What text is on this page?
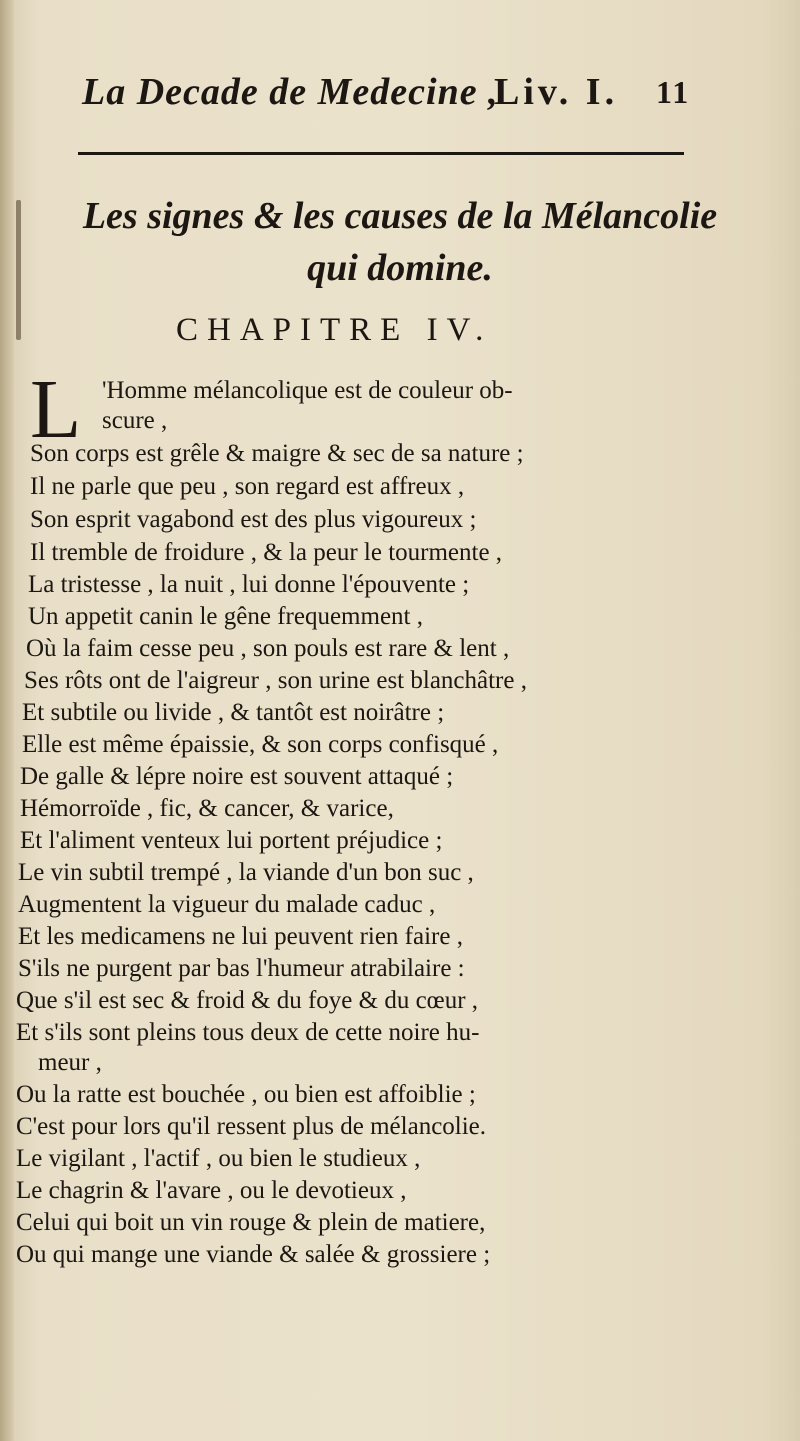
La Decade de Medecine ,
Liv. I. 11
Les signes & les causes de la Mélancolie
qui domine.
CHAPITRE IV.
L 'Homme mélancolique est de couleur ob-
scure ,
Son corps est grêle & maigre & sec de sa nature ;
Il ne parle que peu , son regard est affreux ,
Son esprit vagabond est des plus vigoureux ;
Il tremble de froidure , & la peur le tourmente ,
La tristesse , la nuit , lui donne l'épouvente ;
Un appetit canin le gêne frequemment ,
Où la faim cesse peu , son pouls est rare & lent ,
Ses rôts ont de l'aigreur , son urine est blanchâtre ,
Et subtile ou livide , & tantôt est noirâtre ;
Elle est même épaissie, & son corps confisqué ,
De galle & lépre noire est souvent attaqué ;
Hémorroïde , fic, & cancer, & varice,
Et l'aliment venteux lui portent préjudice ;
Le vin subtil trempé , la viande d'un bon suc ,
Augmentent la vigueur du malade caduc ,
Et les medicamens ne lui peuvent rien faire ,
S'ils ne purgent par bas l'humeur atrabilaire :
Que s'il est sec & froid & du foye & du cœur ,
Et s'ils sont pleins tous deux de cette noire hu-
meur ,
Ou la ratte est bouchée , ou bien est affoiblie ;
C'est pour lors qu'il ressent plus de mélancolie.
Le vigilant , l'actif , ou bien le studieux ,
Le chagrin & l'avare , ou le devotieux ,
Celui qui boit un vin rouge & plein de matiere,
Ou qui mange une viande & salée & grossiere ;
